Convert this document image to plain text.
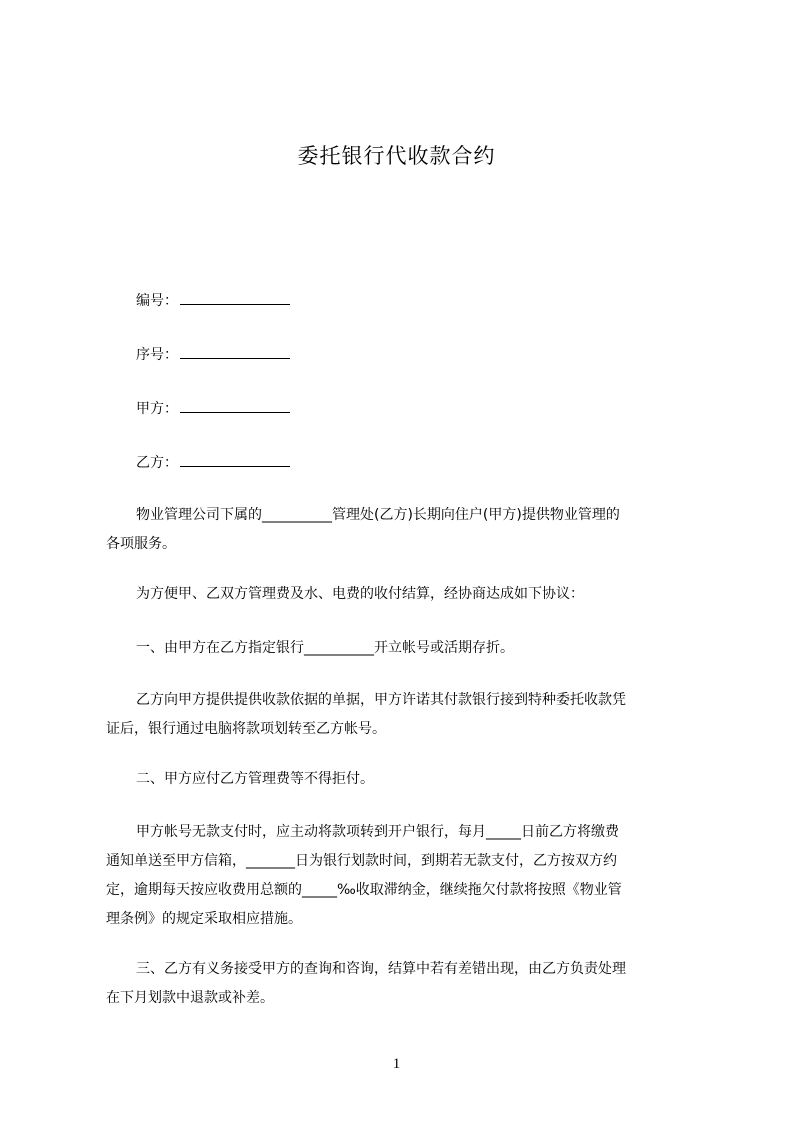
委托银行代收款合约
编号：
序号：
甲方：
乙方：
物业管理公司下属的__________管理处(乙方)长期向住户(甲方)提供物业管理的
各项服务。
为方便甲、乙双方管理费及水、电费的收付结算，经协商达成如下协议：
一、由甲方在乙方指定银行__________开立帐号或活期存折。
乙方向甲方提供提供收款依据的单据，甲方许诺其付款银行接到特种委托收款凭
证后，银行通过电脑将款项划转至乙方帐号。
二、甲方应付乙方管理费等不得拒付。
甲方帐号无款支付时，应主动将款项转到开户银行，每月_____日前乙方将缴费
通知单送至甲方信箱，_______日为银行划款时间，到期若无款支付，乙方按双方约
定，逾期每天按应收费用总额的_____‰收取滞纳金，继续拖欠付款将按照《物业管
理条例》的规定采取相应措施。
三、乙方有义务接受甲方的查询和咨询，结算中若有差错出现，由乙方负责处理
在下月划款中退款或补差。
1
